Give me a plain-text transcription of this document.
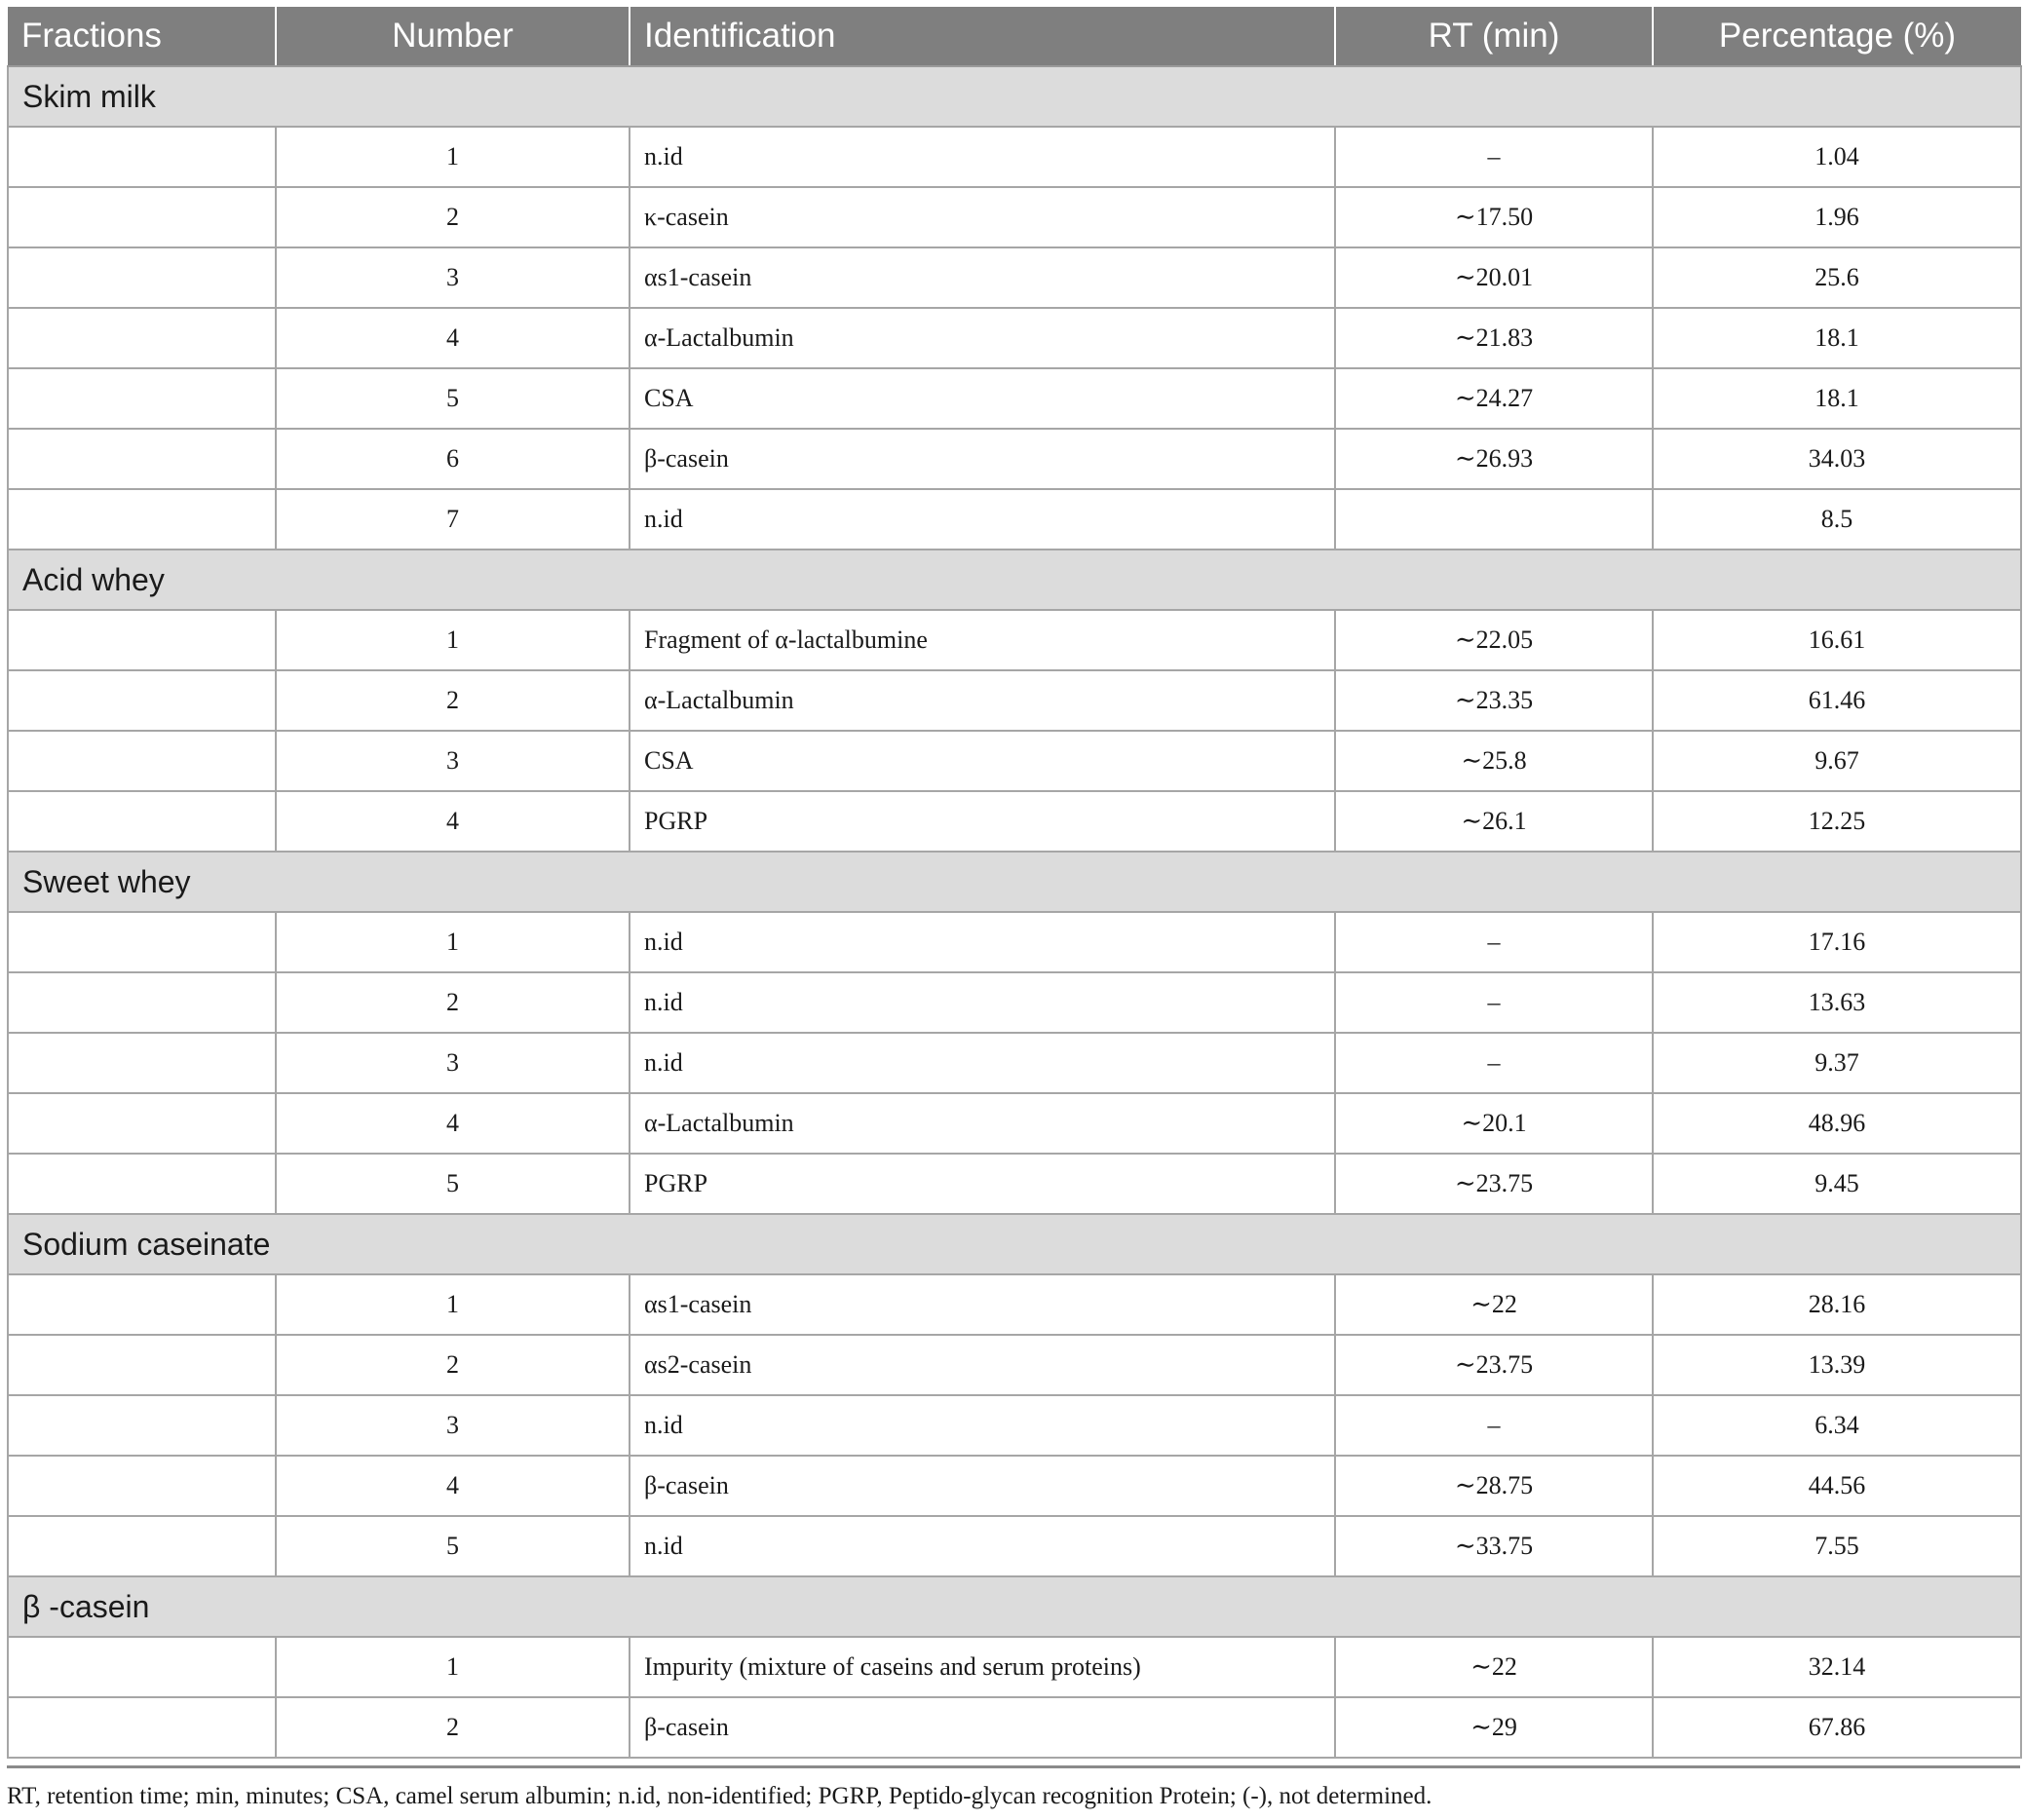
Fractions	Number	Identification	RT (min)	Percentage (%)
Skim milk				
	1	n.id	–	1.04
	2	κ-casein	∼17.50	1.96
	3	αs1-casein	∼20.01	25.6
	4	α-Lactalbumin	∼21.83	18.1
	5	CSA	∼24.27	18.1
	6	β-casein	∼26.93	34.03
	7	n.id		8.5
Acid whey				
	1	Fragment of α-lactalbumine	∼22.05	16.61
	2	α-Lactalbumin	∼23.35	61.46
	3	CSA	∼25.8	9.67
	4	PGRP	∼26.1	12.25
Sweet whey				
	1	n.id	–	17.16
	2	n.id	–	13.63
	3	n.id	–	9.37
	4	α-Lactalbumin	∼20.1	48.96
	5	PGRP	∼23.75	9.45
Sodium caseinate				
	1	αs1-casein	∼22	28.16
	2	αs2-casein	∼23.75	13.39
	3	n.id	–	6.34
	4	β-casein	∼28.75	44.56
	5	n.id	∼33.75	7.55
β -casein				
	1	Impurity (mixture of caseins and serum proteins)	∼22	32.14
	2	β-casein	∼29	67.86
RT, retention time; min, minutes; CSA, camel serum albumin; n.id, non-identified; PGRP, Peptido-glycan recognition Protein; (-), not determined.
